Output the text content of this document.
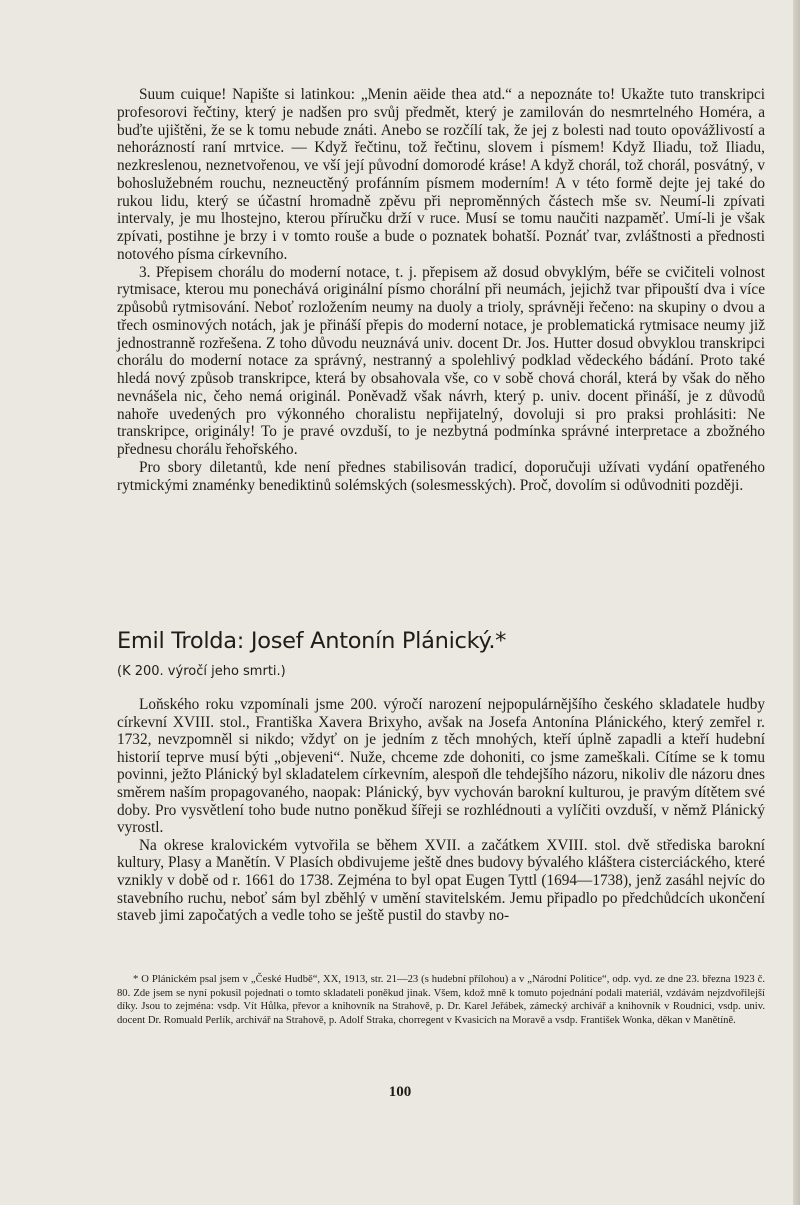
Suum cuique! Napište si latinkou: „Menin aëide thea atd.“ a nepoznáte to! Ukažte tuto transkripci profesorovi řečtiny, který je nadšen pro svůj předmět, který je zamilován do nesmrtelného Homéra, a buďte ujištěni, že se k tomu nebude znáti. Anebo se rozčílí tak, že jej z bolesti nad touto opovážlivostí a nehorázností raní mrtvice. — Když řečtinu, tož řečtinu, slovem i písmem! Když Iliadu, tož Iliadu, nezkreslenou, neznetvořenou, ve vší její původní domorodé kráse! A když chorál, tož chorál, posvátný, v bohoslužebném rouchu, nezneuctěný profánním písmem moderním! A v této formě dejte jej také do rukou lidu, který se účastní hromadně zpěvu při neproměnných částech mše sv. Neumí-li zpívati intervaly, je mu lhostejno, kterou příručku drží v ruce. Musí se tomu naučiti nazpaměť. Umí-li je však zpívati, postihne je brzy i v tomto rouše a bude o poznatek bohatší. Poznáť tvar, zvláštnosti a přednosti notového písma církevního.

3. Přepisem chorálu do moderní notace, t. j. přepisem až dosud obvyklým, béře se cvičiteli volnost rytmisace, kterou mu ponechává originální písmo chorální při neumách, jejichž tvar připouští dva i více způsobů rytmisování. Neboť rozložením neumy na duoly a trioly, správněji řečeno: na skupiny o dvou a třech osminových notách, jak je přináší přepis do moderní notace, je problematická rytmisace neumy již jednostranně rozřešena. Z toho důvodu neuznává univ. docent Dr. Jos. Hutter dosud obvyklou transkripci chorálu do moderní notace za správný, nestranný a spolehlivý podklad vědeckého bádání. Proto také hledá nový způsob transkripce, která by obsahovala vše, co v sobě chová chorál, která by však do něho nevnášela nic, čeho nemá originál. Poněvadž však návrh, který p. univ. docent přináší, je z důvodů nahoře uvedených pro výkonného choralistu nepřijatelný, dovoluji si pro praksi prohlásiti: Ne transkripce, originály! To je pravé ovzduší, to je nezbytná podmínka správné interpretace a zbožného přednesu chorálu řehořského.

Pro sbory diletantů, kde není přednes stabilisován tradicí, doporučuji užívati vydání opatřeného rytmickými znaménky benediktinů solémských (solesmesských). Proč, dovolím si odůvodniti později.

Emil Trolda: Josef Antonín Plánický.*
(K 200. výročí jeho smrti.)

Loňského roku vzpomínali jsme 200. výročí narození nejpopulárnějšího českého skladatele hudby církevní XVIII. stol., Františka Xavera Brixyho, avšak na Josefa Antonína Plánického, který zemřel r. 1732, nevzpomněl si nikdo; vždyť on je jedním z těch mnohých, kteří úplně zapadli a kteří hudební historií teprve musí býti „objeveni“. Nuže, chceme zde dohoniti, co jsme zameškali. Cítíme se k tomu povinni, ježto Plánický byl skladatelem církevním, alespoň dle tehdejšího názoru, nikoliv dle názoru dnes směrem naším propagovaného, naopak: Plánický, byv vychován barokní kulturou, je pravým dítětem své doby. Pro vysvětlení toho bude nutno poněkud šířeji se rozhlédnouti a vylíčiti ovzduší, v němž Plánický vyrostl.

Na okrese kralovickém vytvořila se během XVII. a začátkem XVIII. stol. dvě střediska barokní kultury, Plasy a Manětín. V Plasích obdivujeme ještě dnes budovy bývalého kláštera cisterciáckého, které vznikly v době od r. 1661 do 1738. Zejména to byl opat Eugen Tyttl (1694—1738), jenž zasáhl nejvíc do stavebního ruchu, neboť sám byl zběhlý v umění stavitelském. Jemu připadlo po předchůdcích ukončení staveb jimi započatých a vedle toho se ještě pustil do stavby no-

* O Plánickém psal jsem v „České Hudbě“, XX, 1913, str. 21—23 (s hudební přílohou) a v „Národní Politice“, odp. vyd. ze dne 23. března 1923 č. 80. Zde jsem se nyní pokusil pojednati o tomto skladateli poněkud jinak. Všem, kdož mně k tomuto pojednání podali materiál, vzdávám nejzdvořilejší díky. Jsou to zejména: vsdp. Vít Hůlka, převor a knihovník na Strahově, p. Dr. Karel Jeřábek, zámecký archivář a knihovník v Roudnici, vsdp. univ. docent Dr. Romuald Perlík, archivář na Strahově, p. Adolf Straka, chorregent v Kvasicích na Moravě a vsdp. František Wonka, děkan v Manětíně.

100
